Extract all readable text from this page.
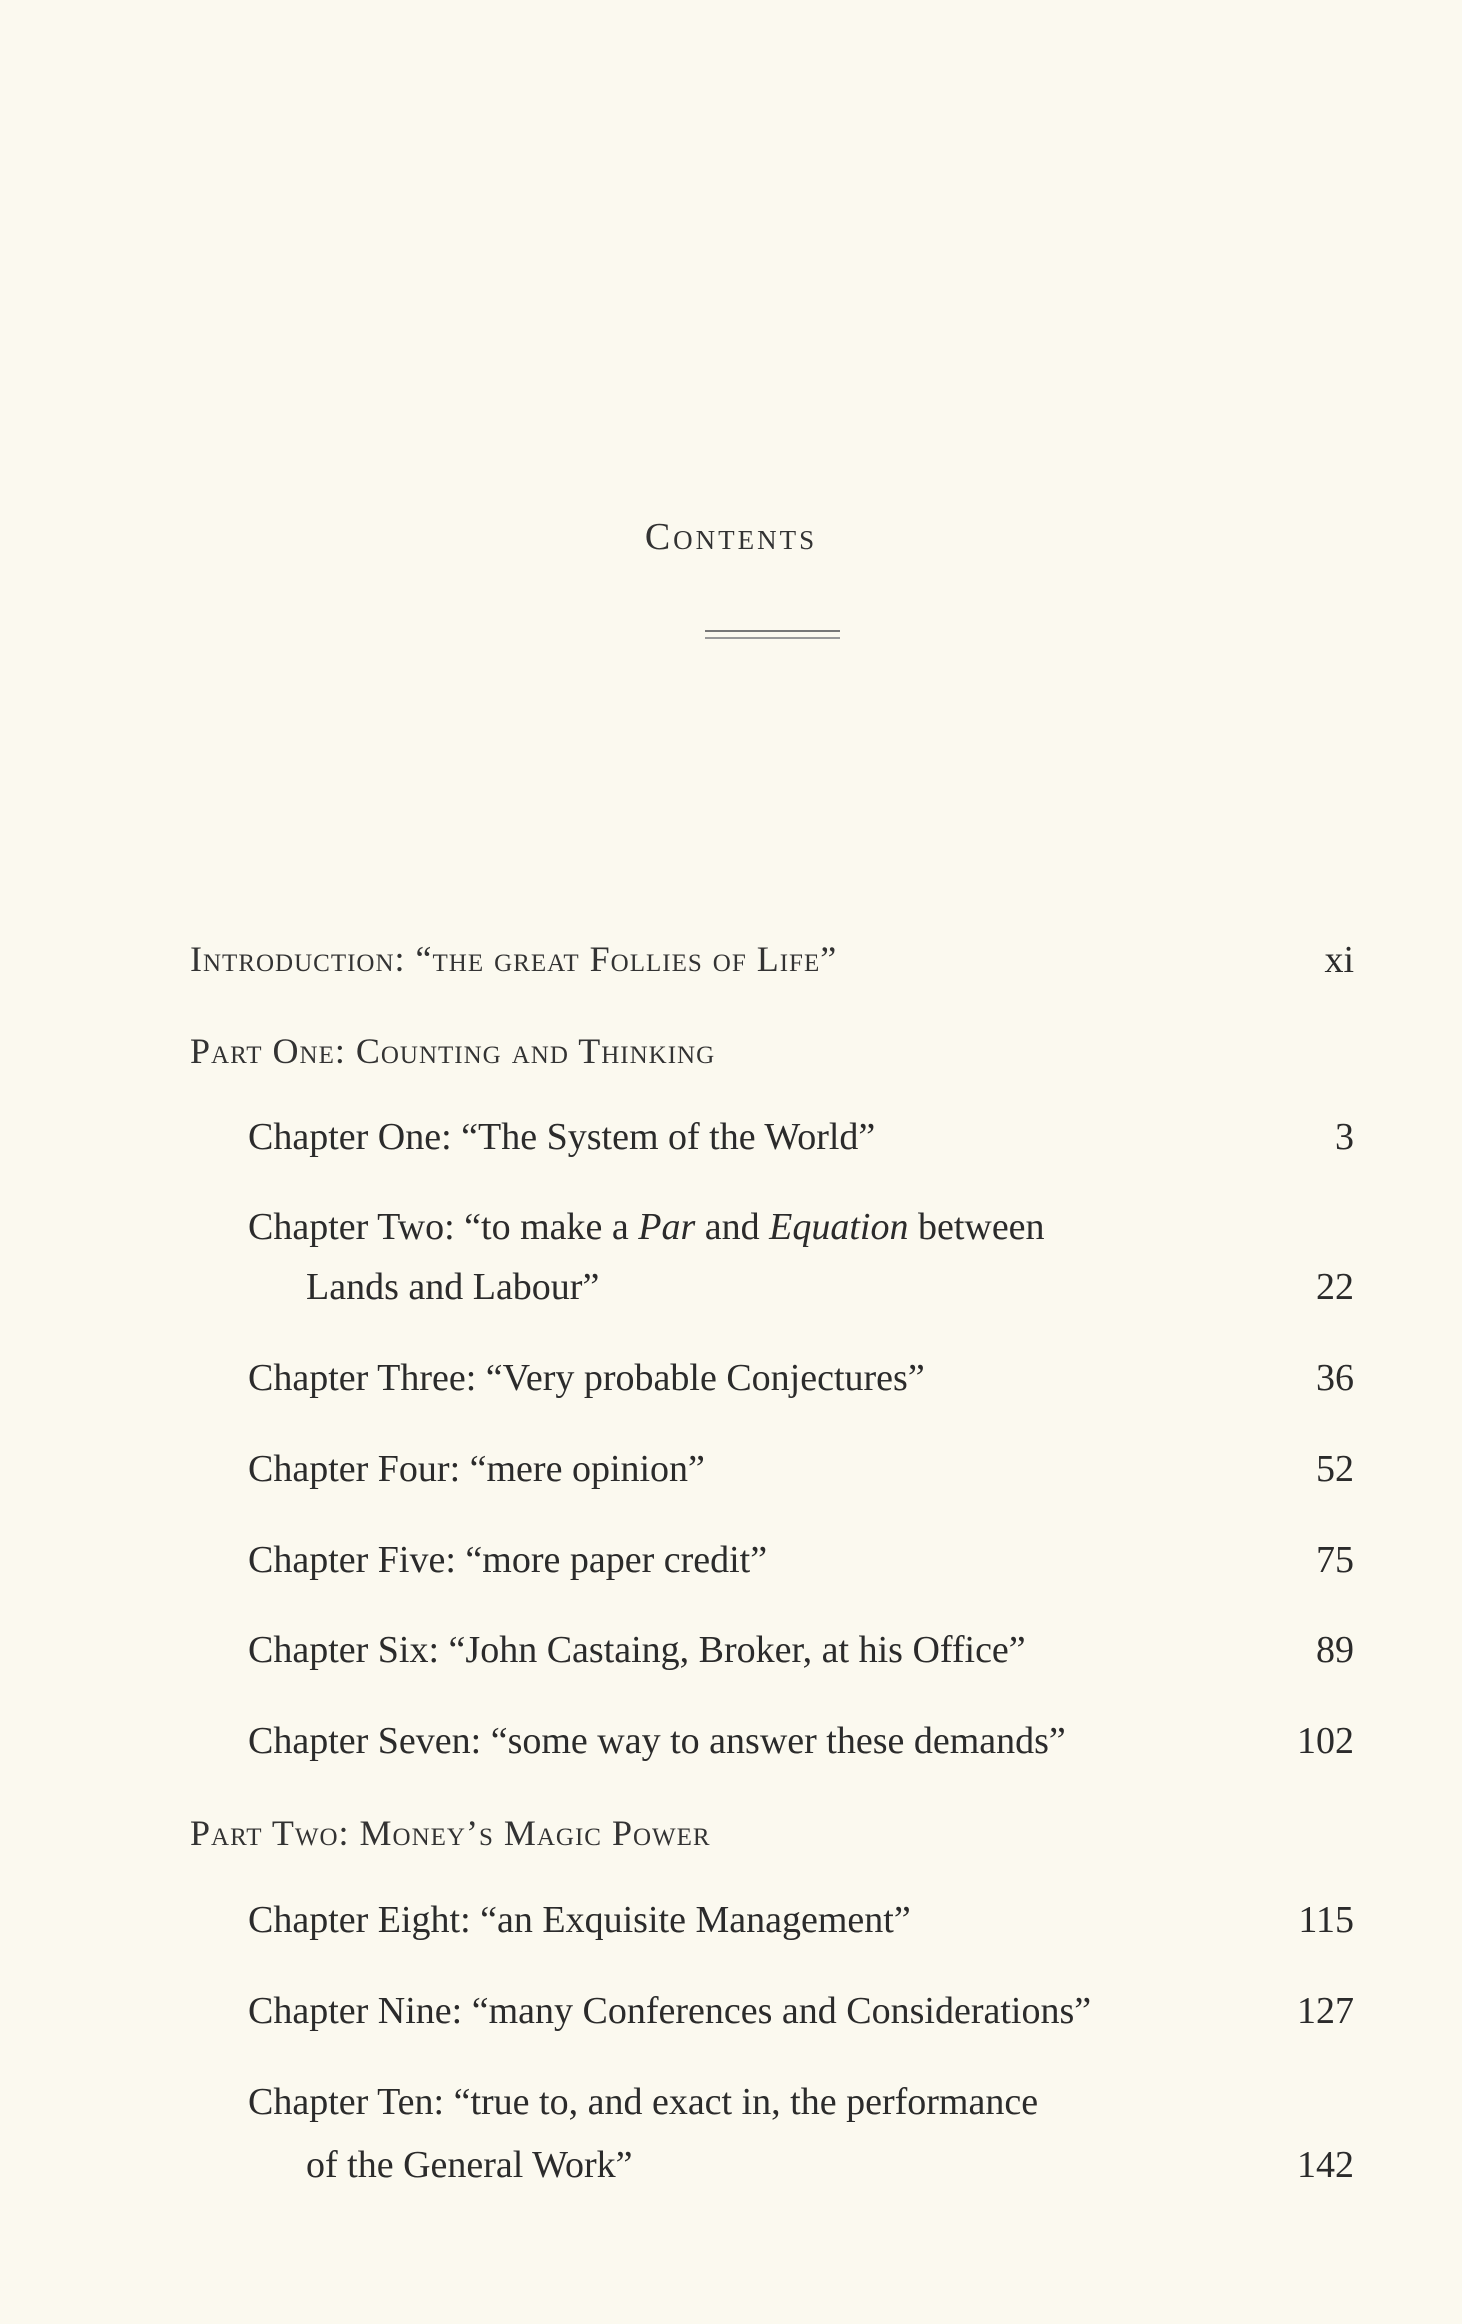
Contents
Introduction: “the great Follies of Life”	xi
Part One: Counting and Thinking
Chapter One: “The System of the World”	3
Chapter Two: “to make a Par and Equation between
Lands and Labour”	22
Chapter Three: “Very probable Conjectures”	36
Chapter Four: “mere opinion”	52
Chapter Five: “more paper credit”	75
Chapter Six: “John Castaing, Broker, at his Office”	89
Chapter Seven: “some way to answer these demands”	102
Part Two: Money’s Magic Power
Chapter Eight: “an Exquisite Management”	115
Chapter Nine: “many Conferences and Considerations”	127
Chapter Ten: “true to, and exact in, the performance
of the General Work”	142
